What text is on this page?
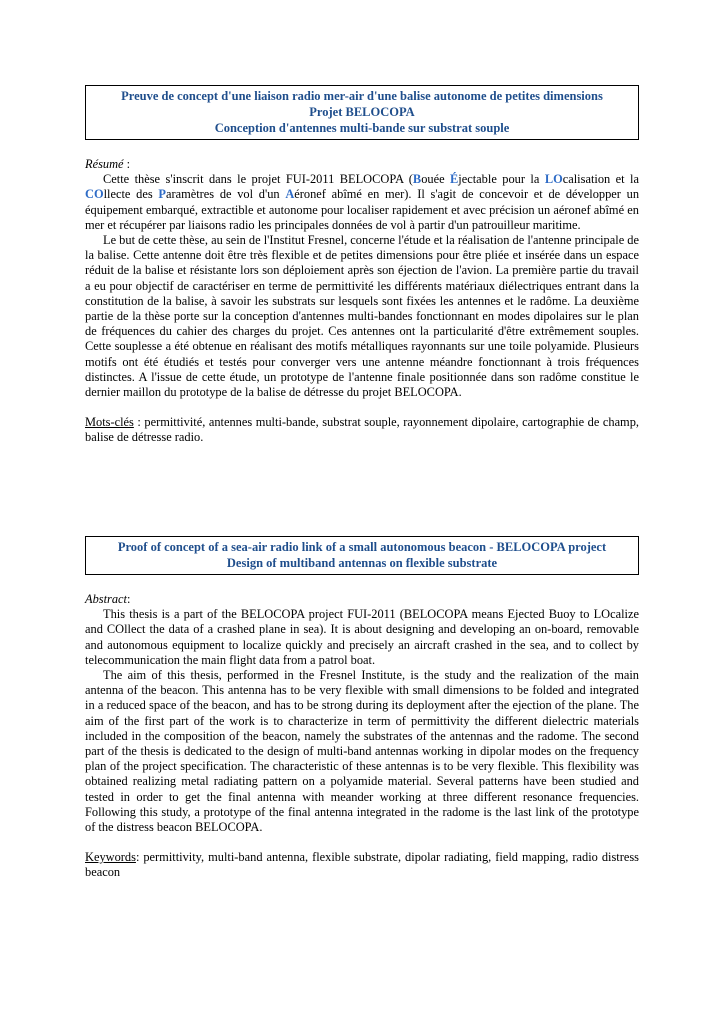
Preuve de concept d'une liaison radio mer-air d'une balise autonome de petites dimensions
Projet BELOCOPA
Conception d'antennes multi-bande sur substrat souple
Résumé :

Cette thèse s'inscrit dans le projet FUI-2011 BELOCOPA (Bouée Éjectable pour la LOcalisation et la COllecte des Paramètres de vol d'un Aéronef abîmé en mer). Il s'agit de concevoir et de développer un équipement embarqué, extractible et autonome pour localiser rapidement et avec précision un aéronef abîmé en mer et récupérer par liaisons radio les principales données de vol à partir d'un patrouilleur maritime.

Le but de cette thèse, au sein de l'Institut Fresnel, concerne l'étude et la réalisation de l'antenne principale de la balise. Cette antenne doit être très flexible et de petites dimensions pour être pliée et insérée dans un espace réduit de la balise et résistante lors son déploiement après son éjection de l'avion. La première partie du travail a eu pour objectif de caractériser en terme de permittivité les différents matériaux diélectriques entrant dans la constitution de la balise, à savoir les substrats sur lesquels sont fixées les antennes et le radôme. La deuxième partie de la thèse porte sur la conception d'antennes multi-bandes fonctionnant en modes dipolaires sur le plan de fréquences du cahier des charges du projet. Ces antennes ont la particularité d'être extrêmement souples. Cette souplesse a été obtenue en réalisant des motifs métalliques rayonnants sur une toile polyamide. Plusieurs motifs ont été étudiés et testés pour converger vers une antenne méandre fonctionnant à trois fréquences distinctes. A l'issue de cette étude, un prototype de l'antenne finale positionnée dans son radôme constitue le dernier maillon du prototype de la balise de détresse du projet BELOCOPA.

Mots-clés : permittivité, antennes multi-bande, substrat souple, rayonnement dipolaire, cartographie de champ, balise de détresse radio.
Proof of concept of a sea-air radio link of a small autonomous beacon - BELOCOPA project
Design of multiband antennas on flexible substrate
Abstract:

This thesis is a part of the BELOCOPA project FUI-2011 (BELOCOPA means Ejected Buoy to LOcalize and COllect the data of a crashed plane in sea). It is about designing and developing an on-board, removable and autonomous equipment to localize quickly and precisely an aircraft crashed in the sea, and to collect by telecommunication the main flight data from a patrol boat.

The aim of this thesis, performed in the Fresnel Institute, is the study and the realization of the main antenna of the beacon. This antenna has to be very flexible with small dimensions to be folded and integrated in a reduced space of the beacon, and has to be strong during its deployment after the ejection of the plane. The aim of the first part of the work is to characterize in term of permittivity the different dielectric materials included in the composition of the beacon, namely the substrates of the antennas and the radome. The second part of the thesis is dedicated to the design of multi-band antennas working in dipolar modes on the frequency plan of the project specification. The characteristic of these antennas is to be very flexible. This flexibility was obtained realizing metal radiating pattern on a polyamide material. Several patterns have been studied and tested in order to get the final antenna with meander working at three different resonance frequencies. Following this study, a prototype of the final antenna integrated in the radome is the last link of the prototype of the distress beacon BELOCOPA.

Keywords: permittivity, multi-band antenna, flexible substrate, dipolar radiating, field mapping, radio distress beacon
